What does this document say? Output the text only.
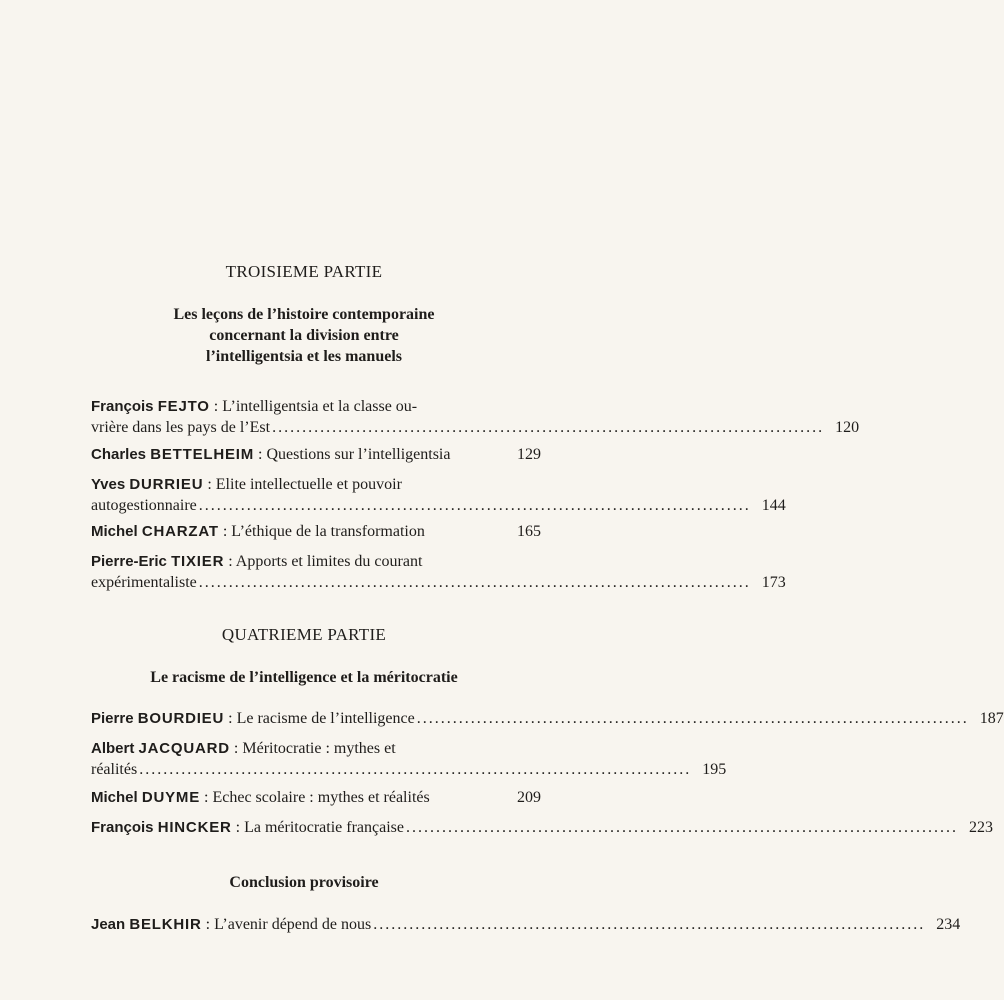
TROISIEME PARTIE
Les leçons de l’histoire contemporaine
concernant la division entre
l’intelligentsia et les manuels
François FEJTO : L’intelligentsia et la classe ou-
vrière dans les pays de l’Est . . .	120
Charles BETTELHEIM : Questions sur l’intelligentsia	129
Yves DURRIEU : Elite intellectuelle et pouvoir
autogestionnaire . . .	144
Michel CHARZAT : L’éthique de la transformation	165
Pierre-Eric TIXIER : Apports et limites du courant
expérimentaliste . . .	173
QUATRIEME PARTIE
Le racisme de l’intelligence et la méritocratie
Pierre BOURDIEU : Le racisme de l’intelligence . . .	187
Albert JACQUARD : Méritocratie : mythes et
réalités . . .	195
Michel DUYME : Echec scolaire : mythes et réalités	209
François HINCKER : La méritocratie française . . .	223
Conclusion provisoire
Jean BELKHIR : L’avenir dépend de nous . . .	234
